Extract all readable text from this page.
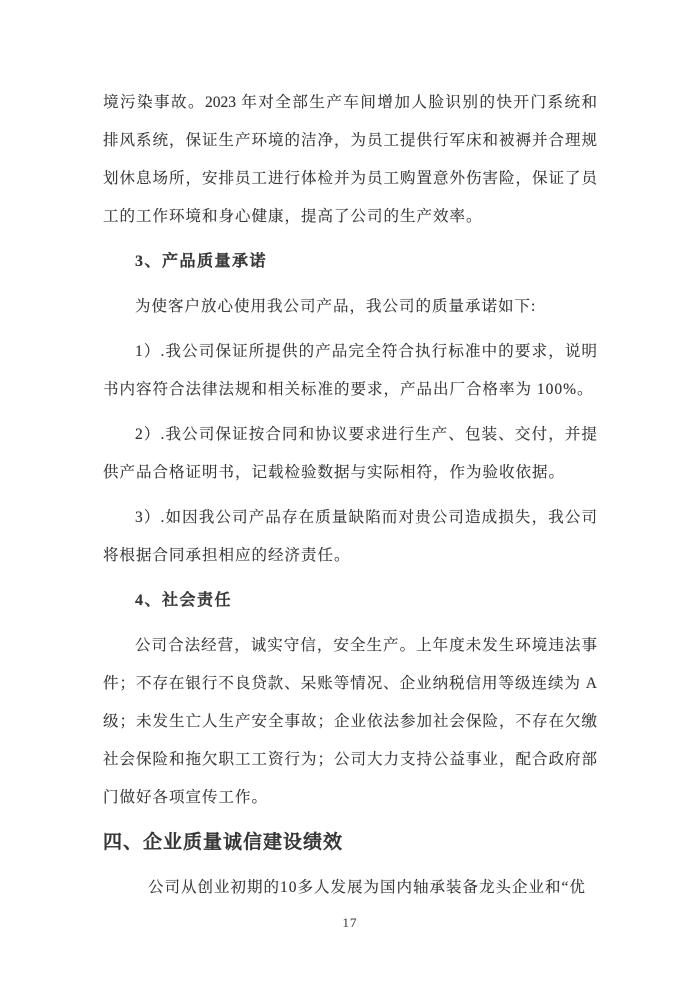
境污染事故。2023 年对全部生产车间增加人脸识别的快开门系统和
排风系统，保证生产环境的洁净，为员工提供行军床和被褥并合理规
划休息场所，安排员工进行体检并为员工购置意外伤害险，保证了员
工的工作环境和身心健康，提高了公司的生产效率。
3、产品质量承诺
为使客户放心使用我公司产品，我公司的质量承诺如下:
1）.我公司保证所提供的产品完全符合执行标准中的要求，说明
书内容符合法律法规和相关标准的要求，产品出厂合格率为 100%。
2）.我公司保证按合同和协议要求进行生产、包装、交付，并提
供产品合格证明书，记载检验数据与实际相符，作为验收依据。
3）.如因我公司产品存在质量缺陷而对贵公司造成损失，我公司
将根据合同承担相应的经济责任。
4、社会责任
公司合法经营，诚实守信，安全生产。上年度未发生环境违法事
件；不存在银行不良贷款、呆账等情况、企业纳税信用等级连续为 A
级；未发生亡人生产安全事故；企业依法参加社会保险，不存在欠缴
社会保险和拖欠职工工资行为；公司大力支持公益事业，配合政府部
门做好各项宣传工作。
四、企业质量诚信建设绩效
公司从创业初期的10多人发展为国内轴承装备龙头企业和“优
17
